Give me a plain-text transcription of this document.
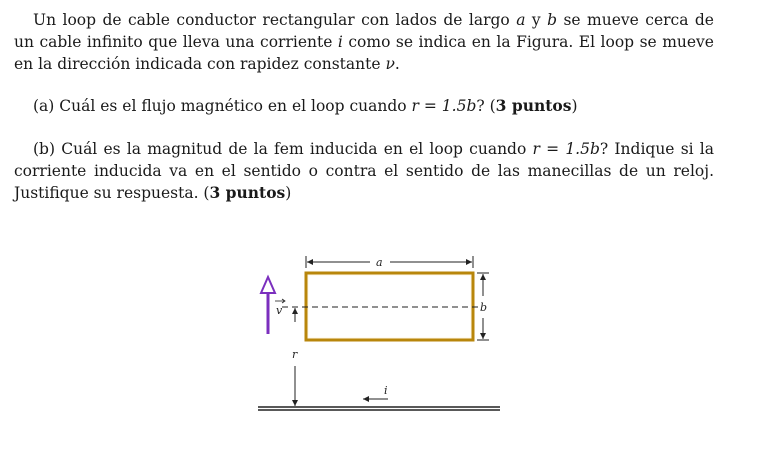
Un loop de cable conductor rectangular con lados de largo a y b se mueve cerca de un cable infinito que lleva una corriente i como se indica en la Figura. El loop se mueve en la dirección indicada con rapidez constante ν.
(a) Cuál es el flujo magnético en el loop cuando r = 1.5b? (3 puntos)
(b) Cuál es la magnitud de la fem inducida en el loop cuando r = 1.5b? Indique si la corriente inducida va en el sentido o contra el sentido de las manecillas de un reloj. Justifique su respuesta. (3 puntos)
a
b
v
r
i
